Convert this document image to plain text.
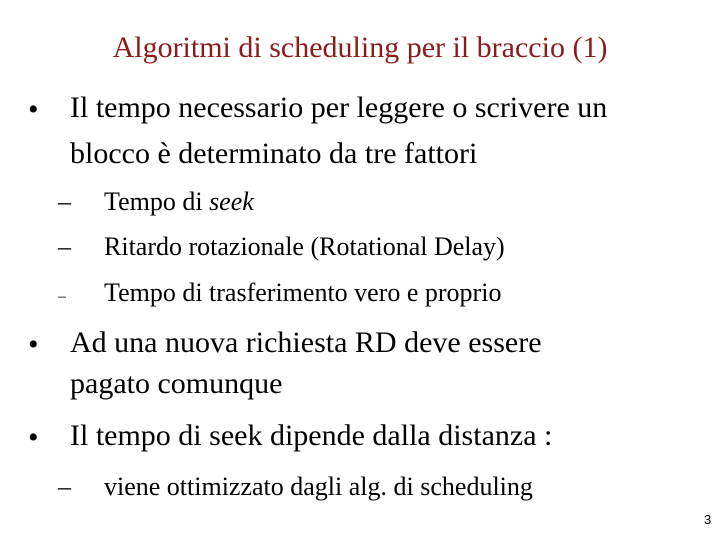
Algoritmi di scheduling per il braccio (1)
• Il tempo necessario per leggere o scrivere un
blocco è determinato da tre fattori
– Tempo di seek
– Ritardo rotazionale (Rotational Delay)
– Tempo di trasferimento vero e proprio
• Ad una nuova richiesta RD deve essere
pagato comunque
• Il tempo di seek dipende dalla distanza :
– viene ottimizzato dagli alg. di scheduling
3
